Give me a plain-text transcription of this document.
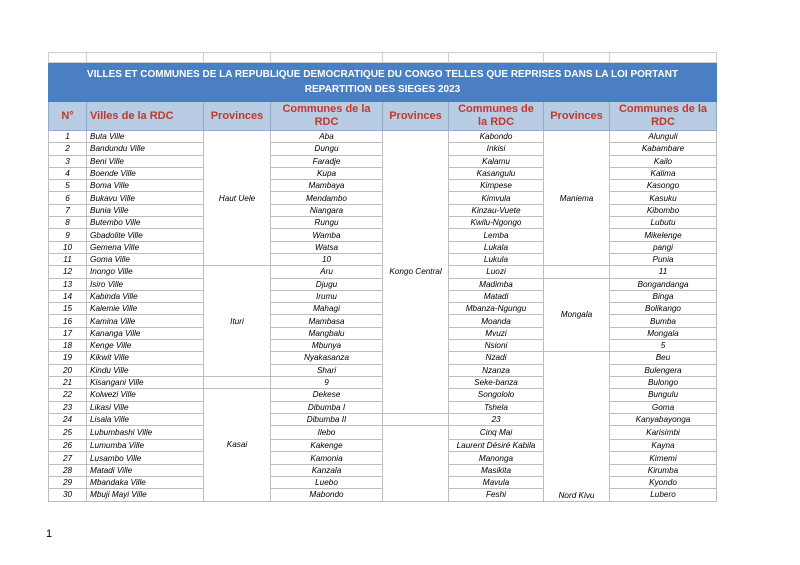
VILLES ET COMMUNES DE LA REPUBLIQUE DEMOCRATIQUE DU CONGO TELLES QUE REPRISES DANS LA LOI PORTANT REPARTITION DES SIEGES 2023							
N°	Villes de la RDC	Provinces	Communes de la RDC	Provinces	Communes de la RDC	Provinces	Communes de la RDC
1	Buta Ville	Haut Uele	Aba	Kongo Central	Kabondo	Maniema	Alunguli
2	Bandundu Ville		Dungu		Inkisi		Kabambare
3	Beni Ville		Faradje		Kalamu		Kailo
4	Boende Ville		Kupa		Kasangulu		Kalima
5	Boma Ville		Mambaya		Kimpese		Kasongo
6	Bukavu Ville		Mendambo		Kimvula		Kasuku
7	Bunia Ville		Niangara		Kinzau-Vuete		Kibombo
8	Butembo Ville		Rungu		Kwilu-Ngongo		Lubutu
9	Gbadolite Ville		Wamba		Lemba		Mikelenge
10	Gemena Ville		Watsa		Lukala		pangi
11	Goma Ville		10		Lukula		Punia
12	Inongo Ville	Ituri	Aru		Luozi		11
13	Isiro Ville		Djugu		Madimba	Mongala	Bongandanga
14	Kabinda Ville		Irumu		Matadi		Binga
15	Kalemie Ville		Mahagi		Mbanza-Ngungu		Bolikango
16	Kamina Ville		Mambasa		Moanda		Bumba
17	Kananga Ville		Mangbalu		Mvuzi		Mongala
18	Kenge Ville		Mbunya		Nsioni		5
19	Kikwit Ville		Nyakasanza		Nzadi	Nord Kivu	Beu
20	Kindu Ville		Shari		Nzanza		Bulengera
21	Kisangani Ville		9		Seke-banza		Bulongo
22	Kolwezi Ville	Kasai	Dekese		Songololo		Bungulu
23	Likasi Ville		Dibumba I		Tshela		Goma
24	Lisala Ville		Dibumba II		23		Kanyabayonga
25	Lubumbashi Ville		Ilebo		Cinq Mai		Karisimbi
26	Lumumba Ville		Kakenge		Laurent Désiré Kabila		Kayna
27	Lusambo Ville		Kamonia		Manonga		Kimemi
28	Matadi Ville		Kanzala		Masikita		Kirumba
29	Mbandaka Ville		Luebo		Mavula		Kyondo
30	Mbuji Mayi Ville		Mabondo		Feshi		Lubero
1
